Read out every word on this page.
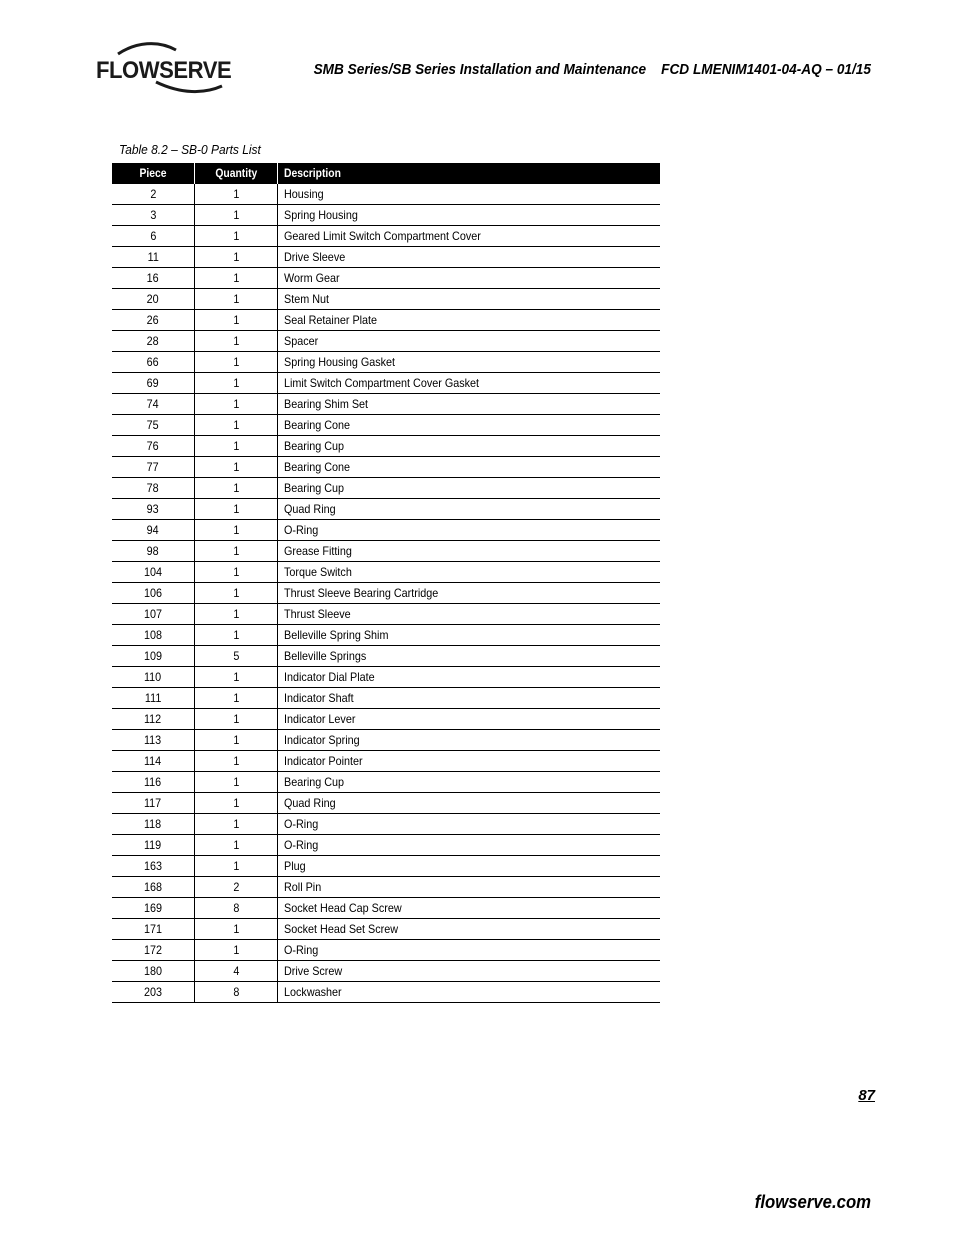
FLOWSERVE	SMB Series/SB Series Installation and Maintenance FCD LMENIM1401-04-AQ – 01/15
Table 8.2 – SB-0 Parts List
Piece	Quantity	Description
2	1	Housing
3	1	Spring Housing
6	1	Geared Limit Switch Compartment Cover
11	1	Drive Sleeve
16	1	Worm Gear
20	1	Stem Nut
26	1	Seal Retainer Plate
28	1	Spacer
66	1	Spring Housing Gasket
69	1	Limit Switch Compartment Cover Gasket
74	1	Bearing Shim Set
75	1	Bearing Cone
76	1	Bearing Cup
77	1	Bearing Cone
78	1	Bearing Cup
93	1	Quad Ring
94	1	O-Ring
98	1	Grease Fitting
104	1	Torque Switch
106	1	Thrust Sleeve Bearing Cartridge
107	1	Thrust Sleeve
108	1	Belleville Spring Shim
109	5	Belleville Springs
110	1	Indicator Dial Plate
111	1	Indicator Shaft
112	1	Indicator Lever
113	1	Indicator Spring
114	1	Indicator Pointer
116	1	Bearing Cup
117	1	Quad Ring
118	1	O-Ring
119	1	O-Ring
163	1	Plug
168	2	Roll Pin
169	8	Socket Head Cap Screw
171	1	Socket Head Set Screw
172	1	O-Ring
180	4	Drive Screw
203	8	Lockwasher
87
flowserve.com
